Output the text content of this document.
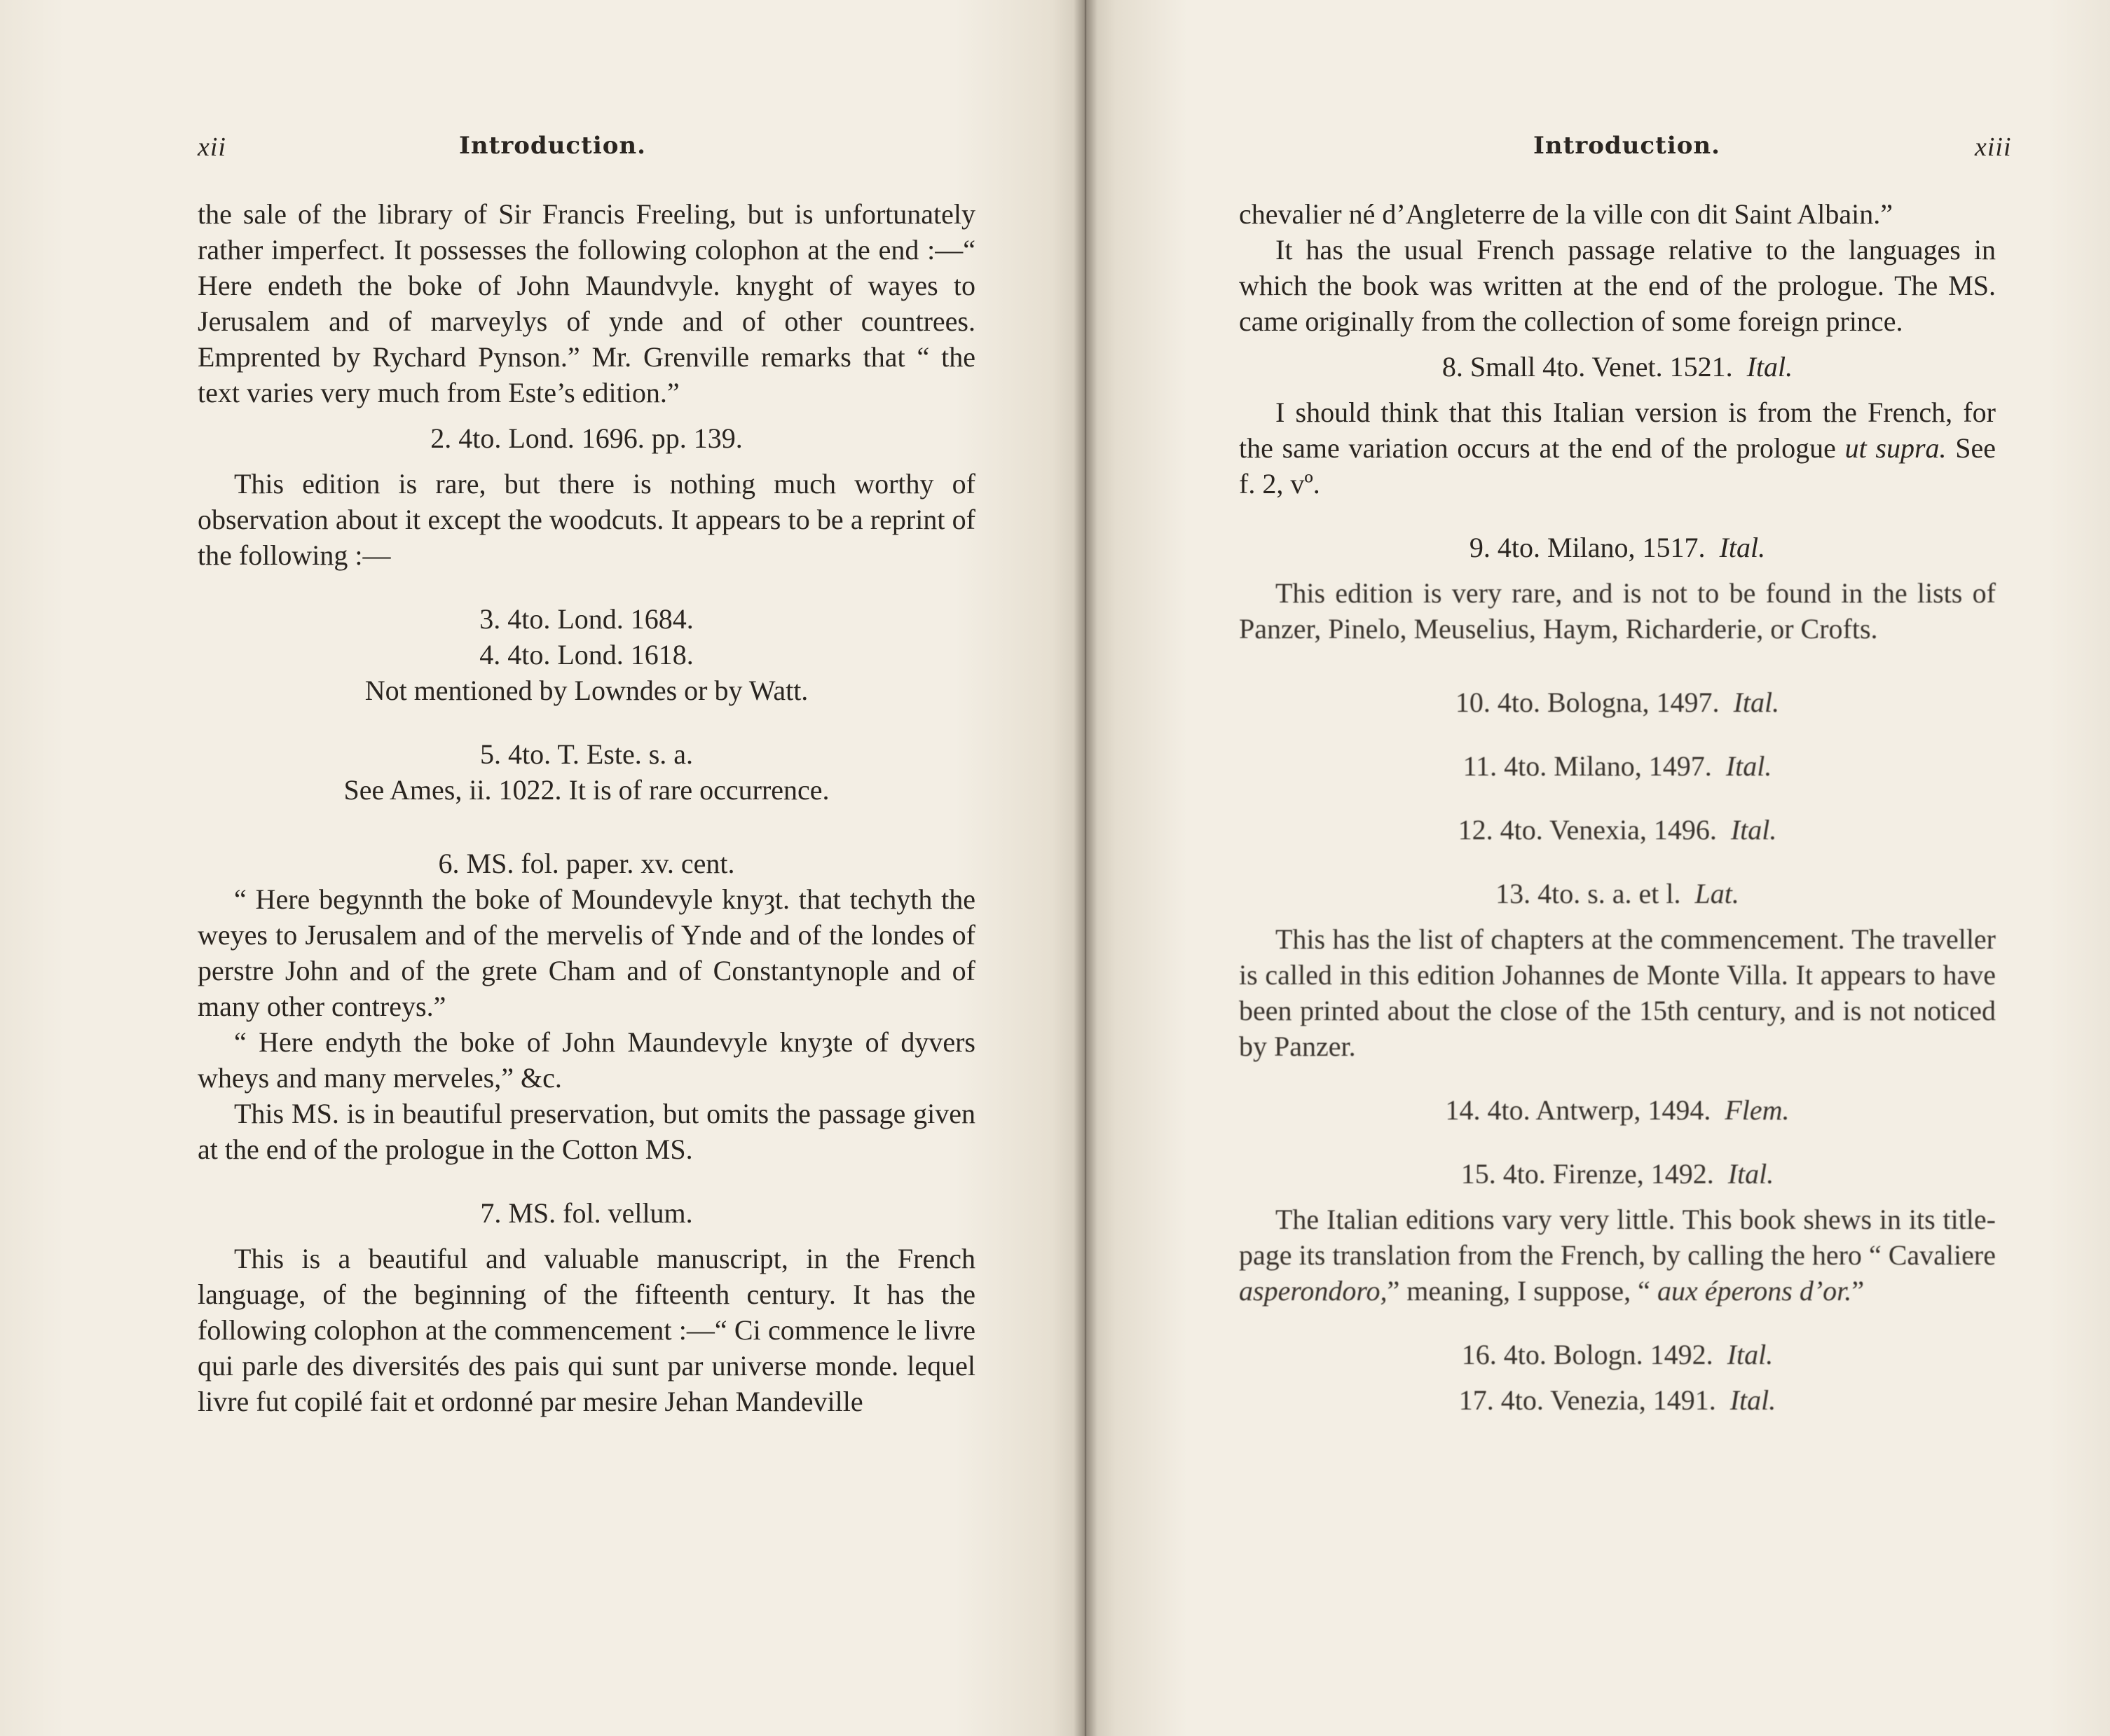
xii	Introduction.

the sale of the library of Sir Francis Freeling, but is unfortunately rather imperfect. It possesses the following colophon at the end :—“ Here endeth the boke of John Maundvyle. knyght of wayes to Jerusalem and of marveylys of ynde and of other countrees. Emprented by Rychard Pynson.” Mr. Grenville remarks that “ the text varies very much from Este’s edition.”

2. 4to. Lond. 1696. pp. 139.

This edition is rare, but there is nothing much worthy of observation about it except the woodcuts. It appears to be a reprint of the following :—

3. 4to. Lond. 1684.

4. 4to. Lond. 1618.

Not mentioned by Lowndes or by Watt.

5. 4to. T. Este. s. a.

See Ames, ii. 1022. It is of rare occurrence.

6. MS. fol. paper. xv. cent.

“ Here begynnth the boke of Moundevyle knyȝt. that techyth the weyes to Jerusalem and of the mervelis of Ynde and of the londes of perstre John and of the grete Cham and of Constantynople and of many other contreys.”

“ Here endyth the boke of John Maundevyle knyȝte of dyvers wheys and many merveles,” &c.

This MS. is in beautiful preservation, but omits the passage given at the end of the prologue in the Cotton MS.

7. MS. fol. vellum.

This is a beautiful and valuable manuscript, in the French language, of the beginning of the fifteenth century. It has the following colophon at the commencement :—“ Ci commence le livre qui parle des diversités des pais qui sunt par universe monde. lequel livre fut copilé fait et ordonné par mesire Jehan Mandeville

Introduction.	xiii

chevalier né d’Angleterre de la ville con dit Saint Albain.”

It has the usual French passage relative to the languages in which the book was written at the end of the prologue. The MS. came originally from the collection of some foreign prince.

8. Small 4to. Venet. 1521. Ital.

I should think that this Italian version is from the French, for the same variation occurs at the end of the prologue ut supra. See f. 2, vº.

9. 4to. Milano, 1517. Ital.

This edition is very rare, and is not to be found in the lists of Panzer, Pinelo, Meuselius, Haym, Richarderie, or Crofts.

10. 4to. Bologna, 1497. Ital.

11. 4to. Milano, 1497. Ital.

12. 4to. Venexia, 1496. Ital.

13. 4to. s. a. et l. Lat.

This has the list of chapters at the commencement. The traveller is called in this edition Johannes de Monte Villa. It appears to have been printed about the close of the 15th century, and is not noticed by Panzer.

14. 4to. Antwerp, 1494. Flem.

15. 4to. Firenze, 1492. Ital.

The Italian editions vary very little. This book shews in its title-page its translation from the French, by calling the hero “ Cavaliere asperondoro,” meaning, I suppose, “ aux éperons d’or.”

16. 4to. Bologn. 1492. Ital.

17. 4to. Venezia, 1491. Ital.
